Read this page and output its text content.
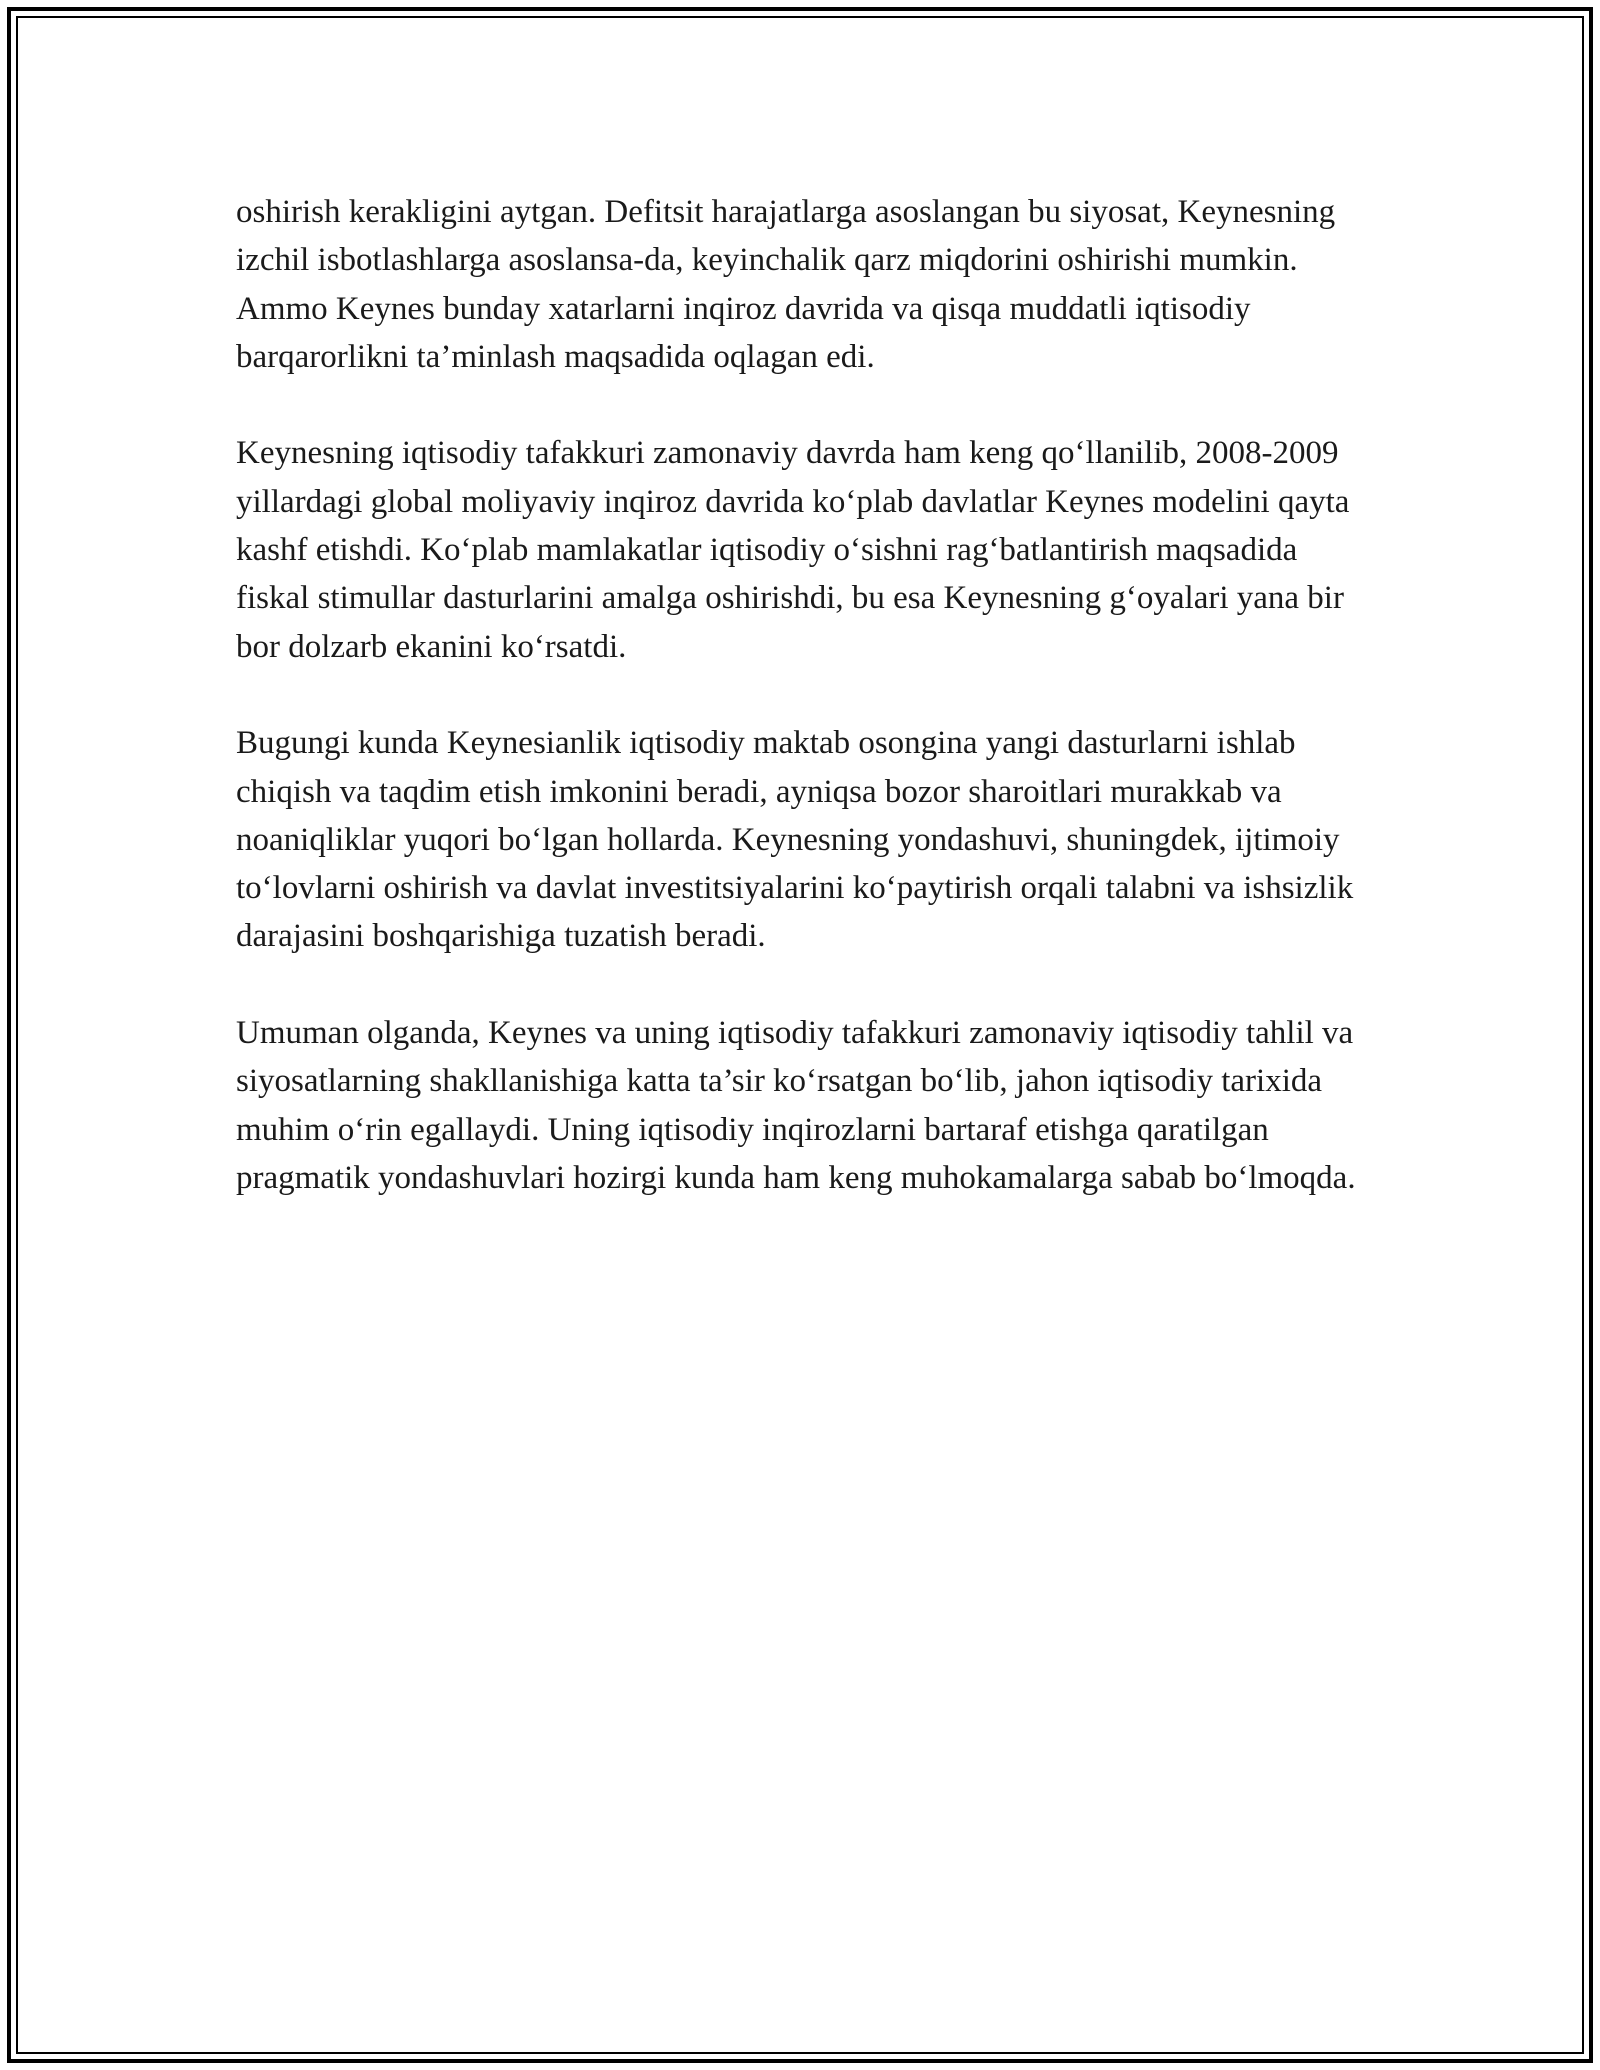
oshirish kerakligini aytgan. Defitsit harajatlarga asoslangan bu siyosat, Keynesning izchil isbotlashlarga asoslansa-da, keyinchalik qarz miqdorini oshirishi mumkin. Ammo Keynes bunday xatarlarni inqiroz davrida va qisqa muddatli iqtisodiy barqarorlikni ta’minlash maqsadida oqlagan edi.

Keynesning iqtisodiy tafakkuri zamonaviy davrda ham keng qo‘llanilib, 2008-2009 yillardagi global moliyaviy inqiroz davrida ko‘plab davlatlar Keynes modelini qayta kashf etishdi. Ko‘plab mamlakatlar iqtisodiy o‘sishni rag‘batlantirish maqsadida fiskal stimullar dasturlarini amalga oshirishdi, bu esa Keynesning g‘oyalari yana bir bor dolzarb ekanini ko‘rsatdi.

Bugungi kunda Keynesianlik iqtisodiy maktab osongina yangi dasturlarni ishlab chiqish va taqdim etish imkonini beradi, ayniqsa bozor sharoitlari murakkab va noaniqliklar yuqori bo‘lgan hollarda. Keynesning yondashuvi, shuningdek, ijtimoiy to‘lovlarni oshirish va davlat investitsiyalarini ko‘paytirish orqali talabni va ishsizlik darajasini boshqarishiga tuzatish beradi.

Umuman olganda, Keynes va uning iqtisodiy tafakkuri zamonaviy iqtisodiy tahlil va siyosatlarning shakllanishiga katta ta’sir ko‘rsatgan bo‘lib, jahon iqtisodiy tarixida muhim o‘rin egallaydi. Uning iqtisodiy inqirozlarni bartaraf etishga qaratilgan pragmatik yondashuvlari hozirgi kunda ham keng muhokamalarga sabab bo‘lmoqda.
